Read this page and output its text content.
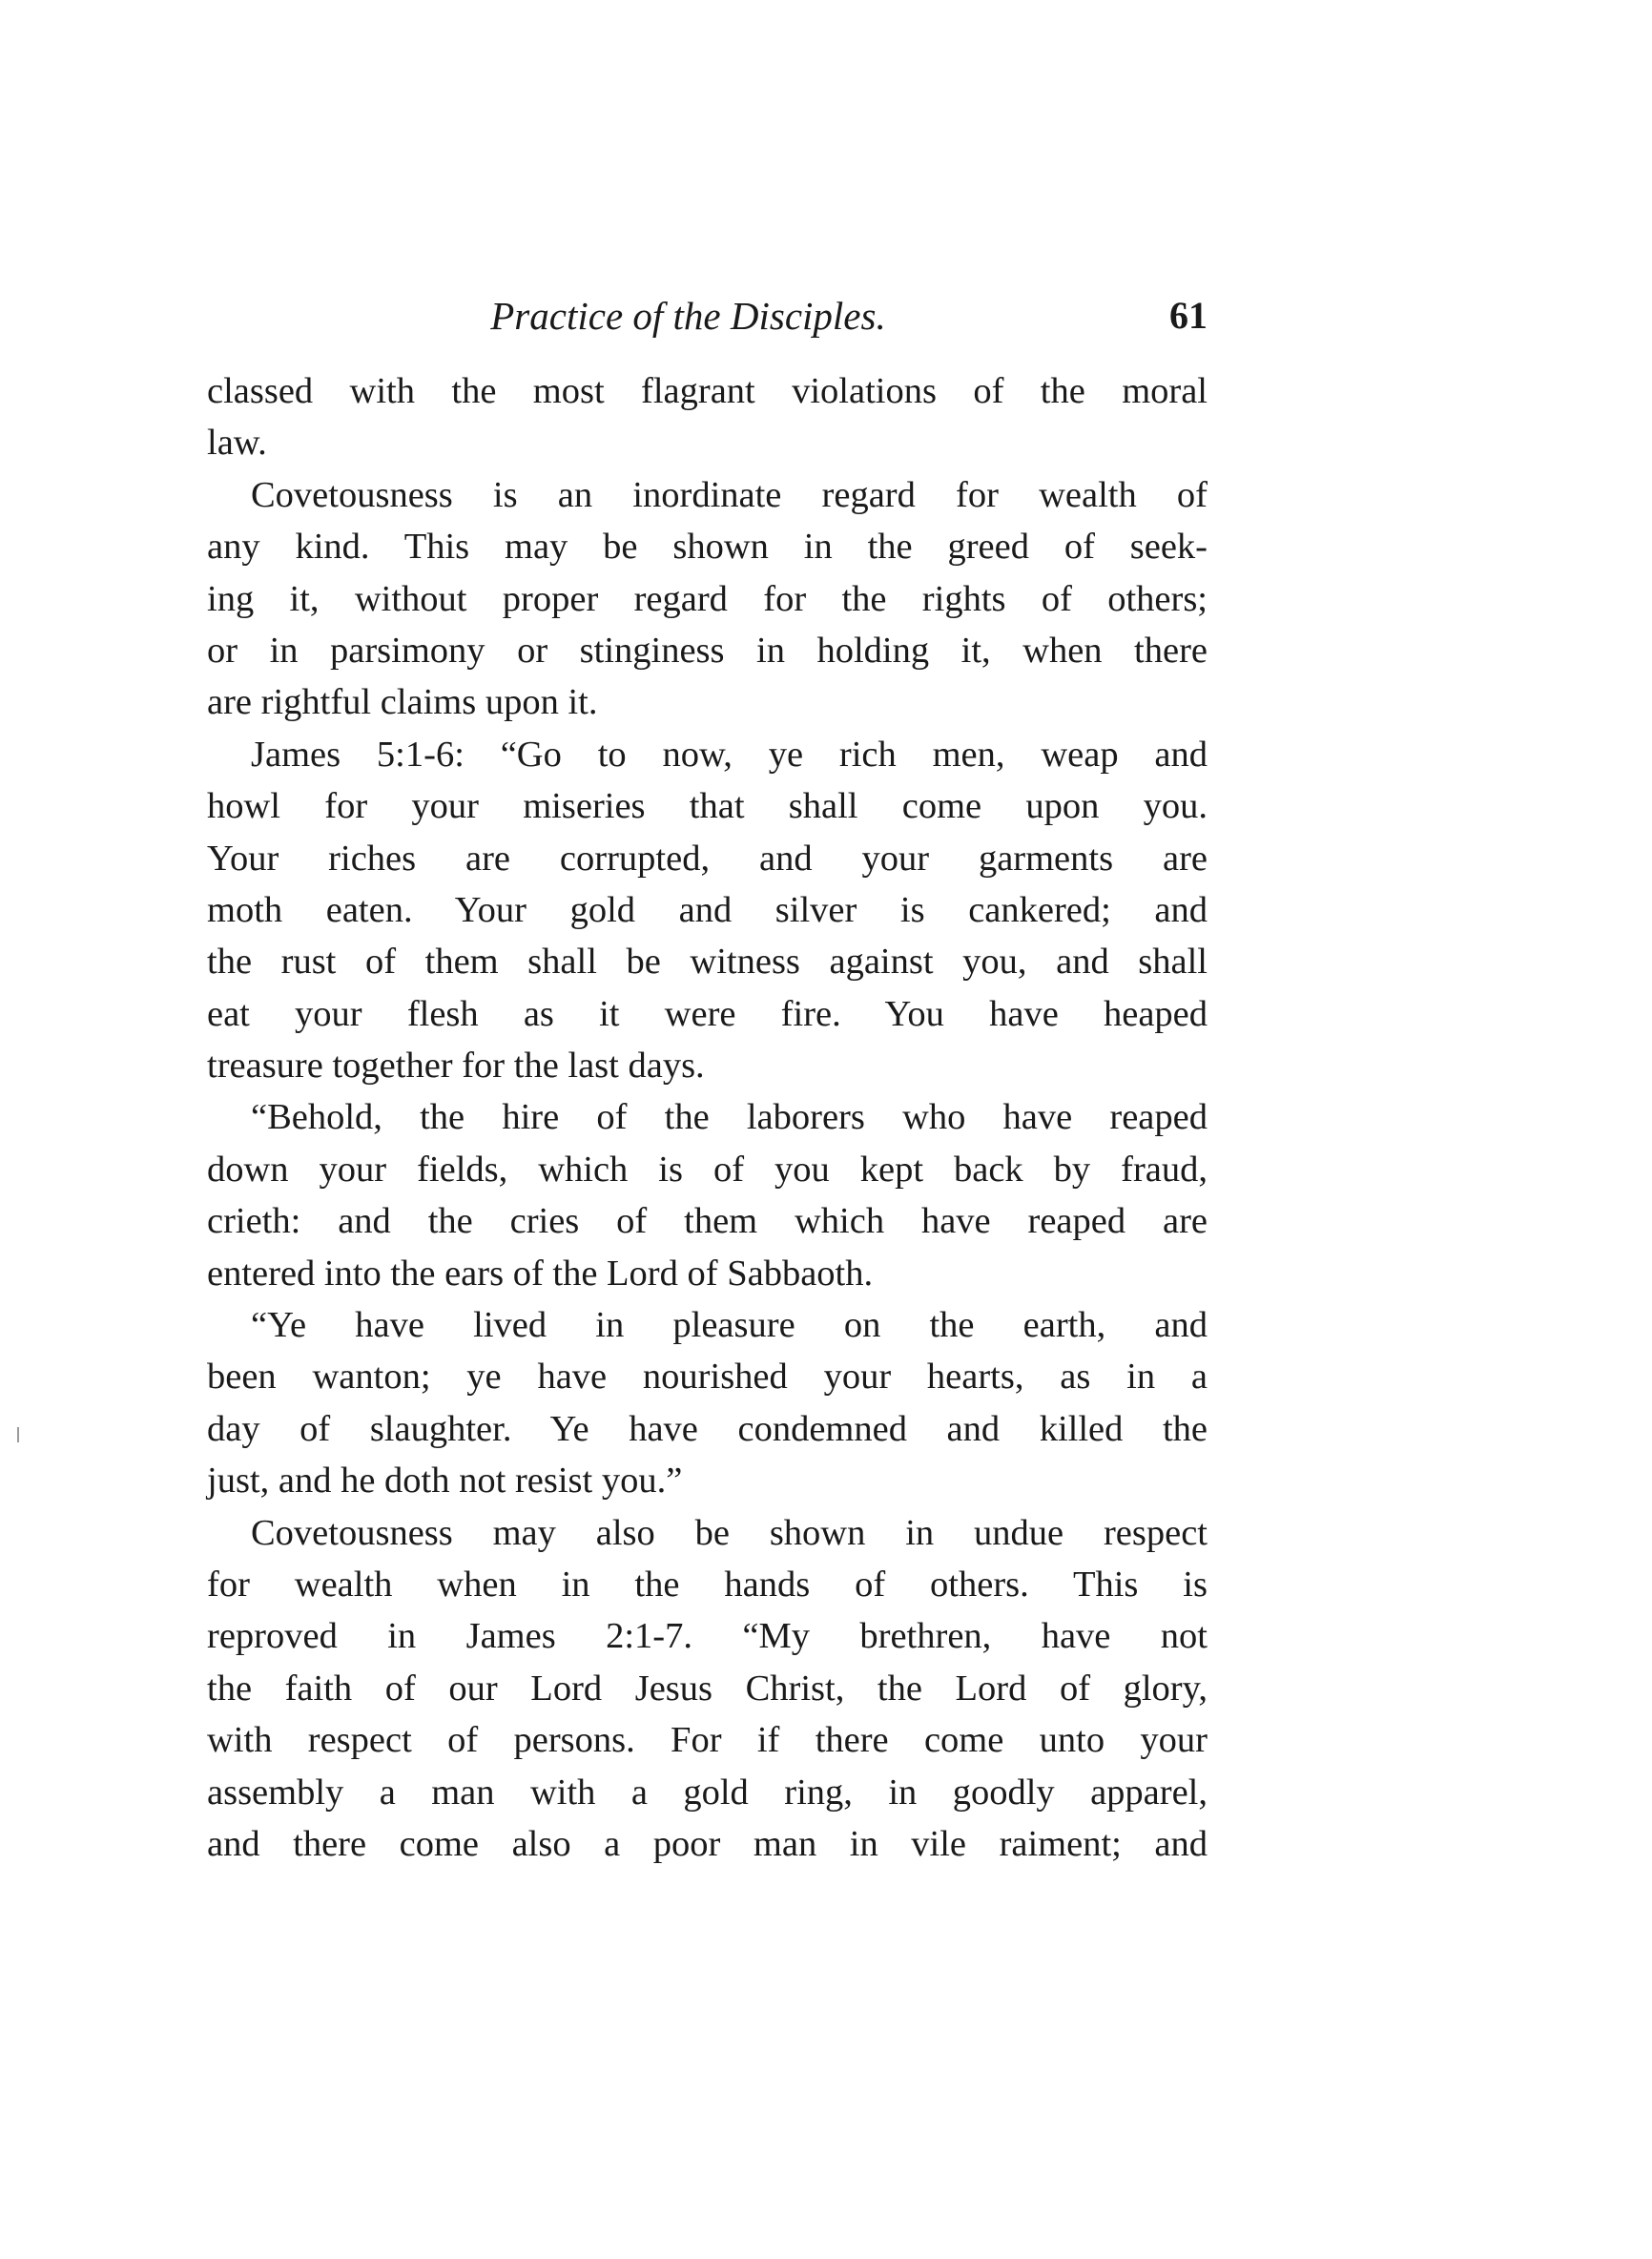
Practice of the Disciples.	61
classed with the most flagrant violations of the moral
law.
Covetousness is an inordinate regard for wealth of
any kind. This may be shown in the greed of seek-
ing it, without proper regard for the rights of others;
or in parsimony or stinginess in holding it, when there
are rightful claims upon it.
James 5:1-6: “Go to now, ye rich men, weap and
howl for your miseries that shall come upon you.
Your riches are corrupted, and your garments are
moth eaten. Your gold and silver is cankered; and
the rust of them shall be witness against you, and shall
eat your flesh as it were fire. You have heaped
treasure together for the last days.
“Behold, the hire of the laborers who have reaped
down your fields, which is of you kept back by fraud,
crieth: and the cries of them which have reaped are
entered into the ears of the Lord of Sabbaoth.
“Ye have lived in pleasure on the earth, and
been wanton; ye have nourished your hearts, as in a
day of slaughter. Ye have condemned and killed the
just, and he doth not resist you.”
Covetousness may also be shown in undue respect
for wealth when in the hands of others. This is
reproved in James 2:1-7. “My brethren, have not
the faith of our Lord Jesus Christ, the Lord of glory,
with respect of persons. For if there come unto your
assembly a man with a gold ring, in goodly apparel,
and there come also a poor man in vile raiment; and
